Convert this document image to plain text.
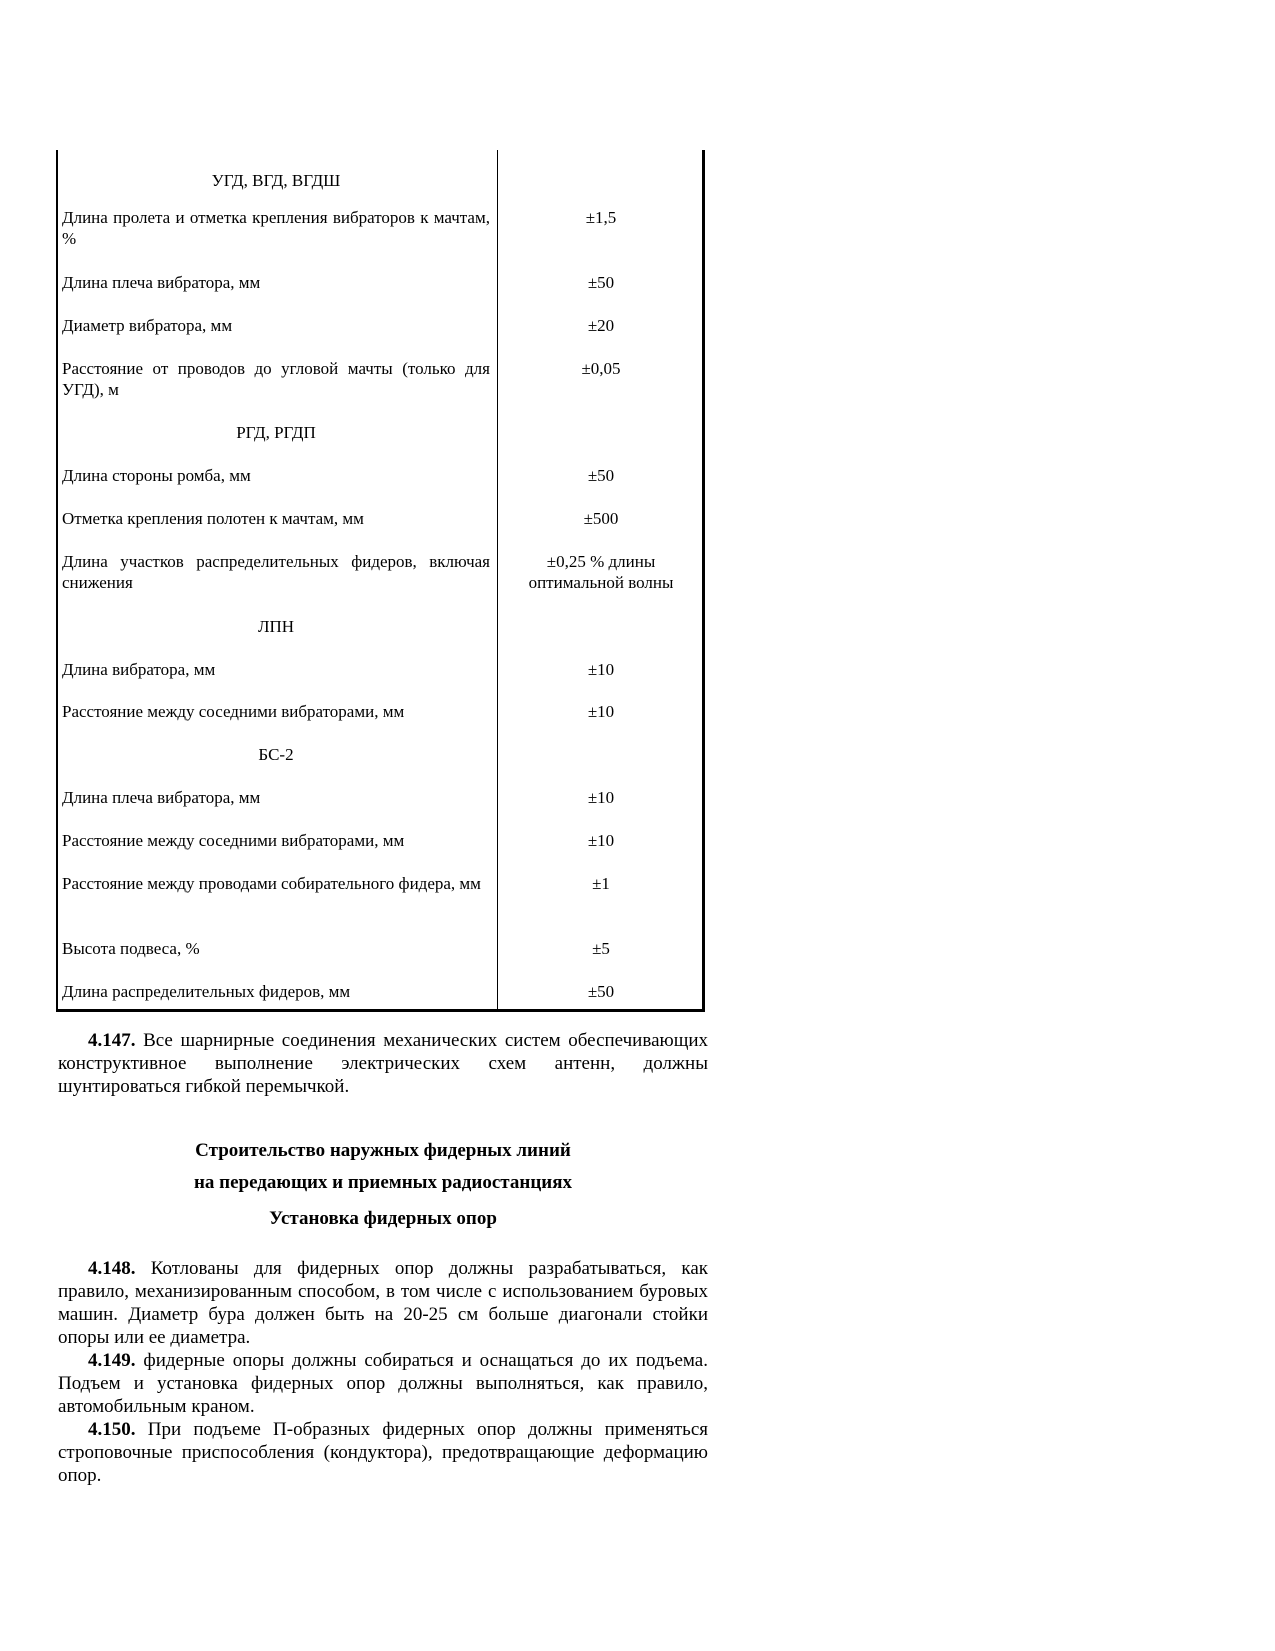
УГД, ВГД, ВГДШ	
Длина пролета и отметка крепления вибраторов к мачтам, %	±1,5
Длина плеча вибратора, мм	±50
Диаметр вибратора, мм	±20
Расстояние от проводов до угловой мачты (только для УГД), м	±0,05
РГД, РГДП	
Длина стороны ромба, мм	±50
Отметка крепления полотен к мачтам, мм	±500
Длина участков распределительных фидеров, включая снижения	±0,25 % длины оптимальной волны
ЛПН	
Длина вибратора, мм	±10
Расстояние между соседними вибраторами, мм	±10
БС-2	
Длина плеча вибратора, мм	±10
Расстояние между соседними вибраторами, мм	±10
Расстояние между проводами собирательного фидера, мм	±1
Высота подвеса, %	±5
Длина распределительных фидеров, мм	±50

4.147. Все шарнирные соединения механических систем обеспечивающих конструктивное выполнение электрических схем антенн, должны шунтироваться гибкой перемычкой.

Строительство наружных фидерных линий
на передающих и приемных радиостанциях
Установка фидерных опор

4.148. Котлованы для фидерных опор должны разрабатываться, как правило, механизированным способом, в том числе с использованием буровых машин. Диаметр бура должен быть на 20-25 см больше диагонали стойки опоры или ее диаметра.

4.149. фидерные опоры должны собираться и оснащаться до их подъема. Подъем и установка фидерных опор должны выполняться, как правило, автомобильным краном.

4.150. При подъеме П-образных фидерных опор должны применяться строповочные приспособления (кондуктора), предотвращающие деформацию опор.
